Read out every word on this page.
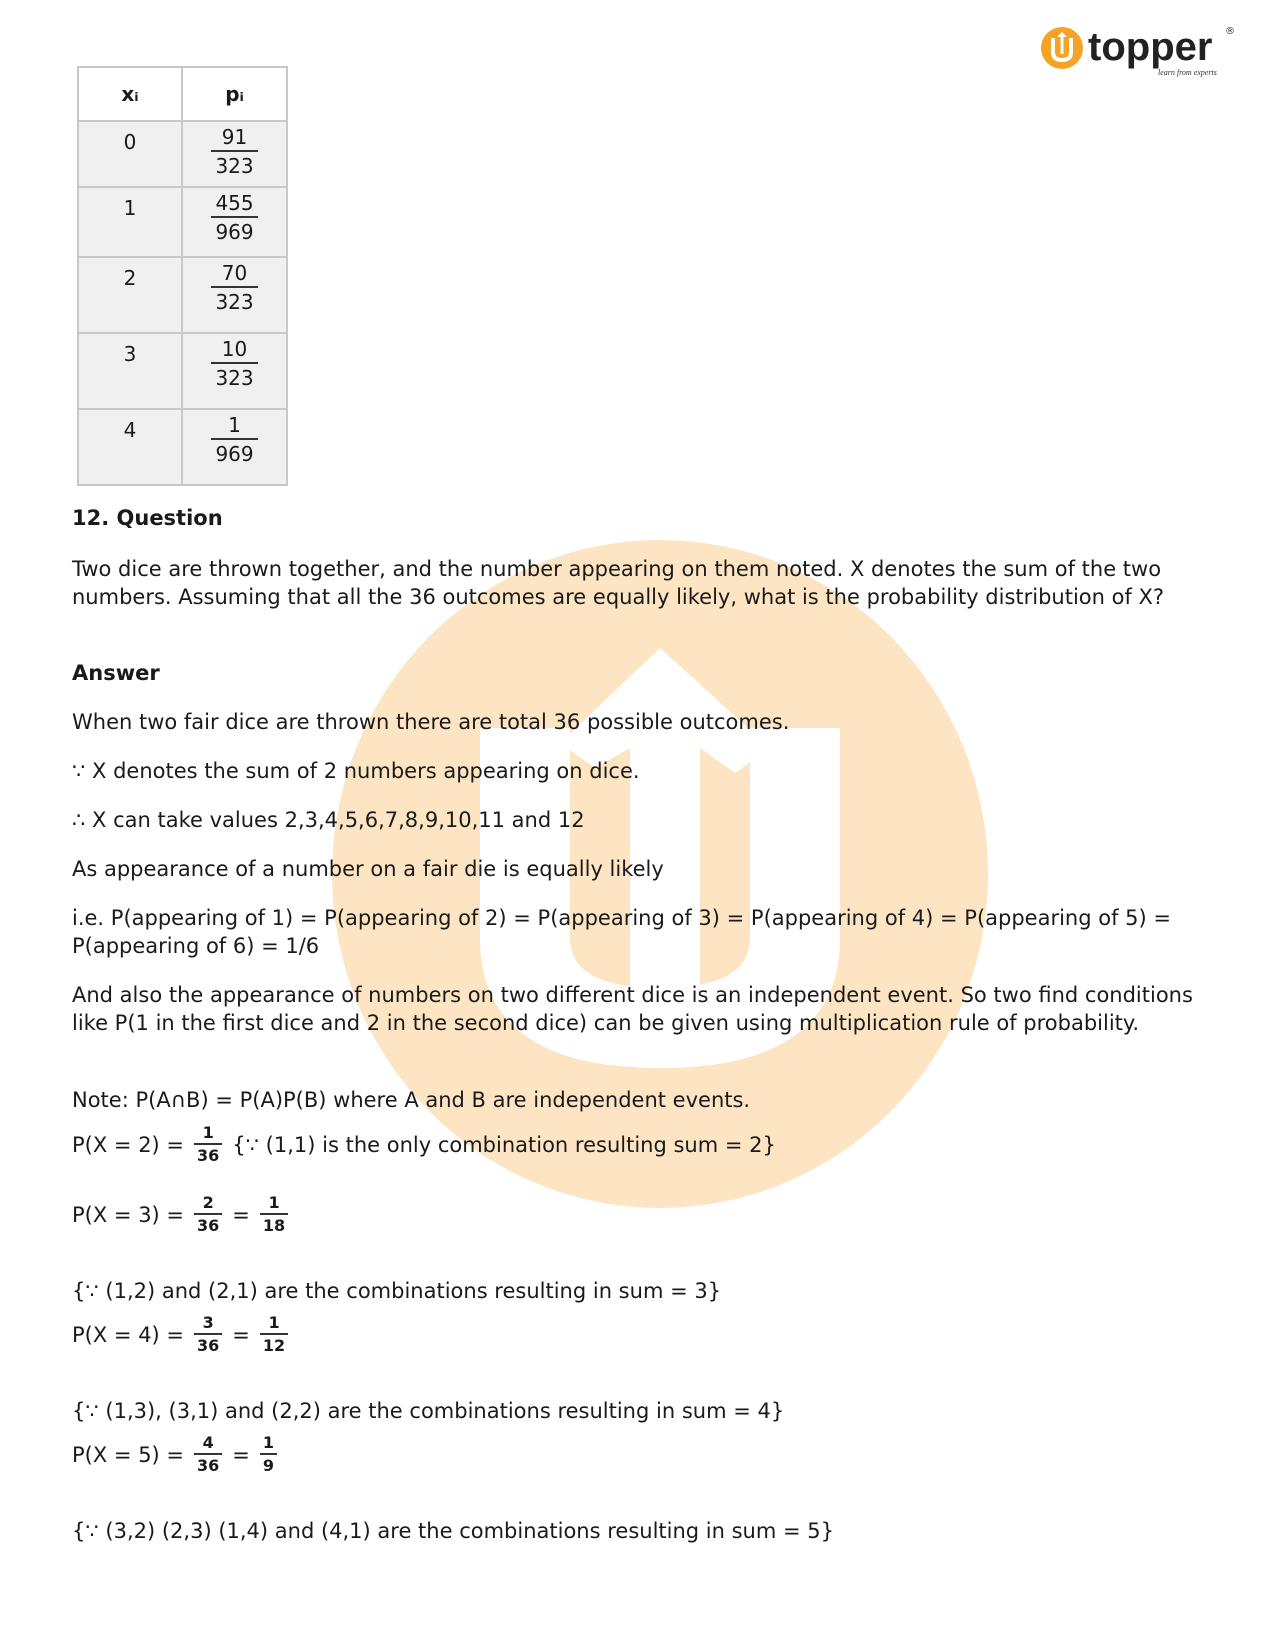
topper
learn from experts
®
xᵢ	pᵢ

0	$\frac{91}{323}$

1	$\frac{455}{969}$

2	$\frac{70}{323}$

3	$\frac{10}{323}$

4	$\frac{1}{969}$

12. Question

Two dice are thrown together, and the number appearing on them noted. X denotes the sum of the two numbers. Assuming that all the 36 outcomes are equally likely, what is the probability distribution of X?

Answer

When two fair dice are thrown there are total 36 possible outcomes.

∵ X denotes the sum of 2 numbers appearing on dice.

∴ X can take values 2,3,4,5,6,7,8,9,10,11 and 12

As appearance of a number on a fair die is equally likely

i.e. P(appearing of 1) = P(appearing of 2) = P(appearing of 3) = P(appearing of 4) = P(appearing of 5) = P(appearing of 6) = 1/6

And also the appearance of numbers on two different dice is an independent event. So two find conditions like P(1 in the first dice and 2 in the second dice) can be given using multiplication rule of probability.

Note: P(A∩B) = P(A)P(B) where A and B are independent events.

$P(X = 2) = \frac{1}{36}$ {∵ (1,1) is the only combination resulting sum = 2}
$P(X = 3) = \frac{2}{36} = \frac{1}{18}$

{∵ (1,2) and (2,1) are the combinations resulting in sum = 3}

$P(X = 4) = \frac{3}{36} = \frac{1}{12}$

{∵ (1,3), (3,1) and (2,2) are the combinations resulting in sum = 4}

$P(X = 5) = \frac{4}{36} = \frac{1}{9}$

{∵ (3,2) (2,3) (1,4) and (4,1) are the combinations resulting in sum = 5}
